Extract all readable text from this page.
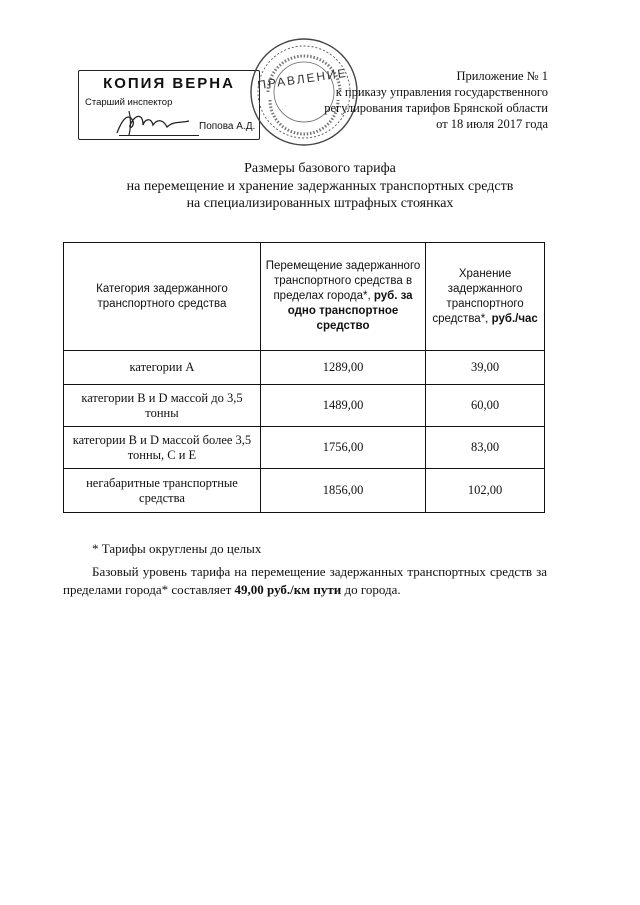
КОПИЯ ВЕРНА
Старший инспектор
Попова А.Д.
ПРАВЛЕНИЕ	Приложение № 1
к приказу управления государственного
регулирования тарифов Брянской области
от 18 июля 2017 года
Размеры базового тарифа
на перемещение и хранение задержанных транспортных средств
на специализированных штрафных стоянках
Категория задержанного транспортного средства	Перемещение задержанного транспортного средства в пределах города*, руб. за одно транспортное средство	Хранение задержанного транспортного средства*, руб./час
категории А	1289,00	39,00
категории B и D массой до 3,5 тонны	1489,00	60,00
категории B и D массой более 3,5 тонны, С и Е	1756,00	83,00
негабаритные транспортные средства	1856,00	102,00
* Тарифы округлены до целых
Базовый уровень тарифа на перемещение задержанных транспортных средств за пределами города* составляет 49,00 руб./км пути до города.
